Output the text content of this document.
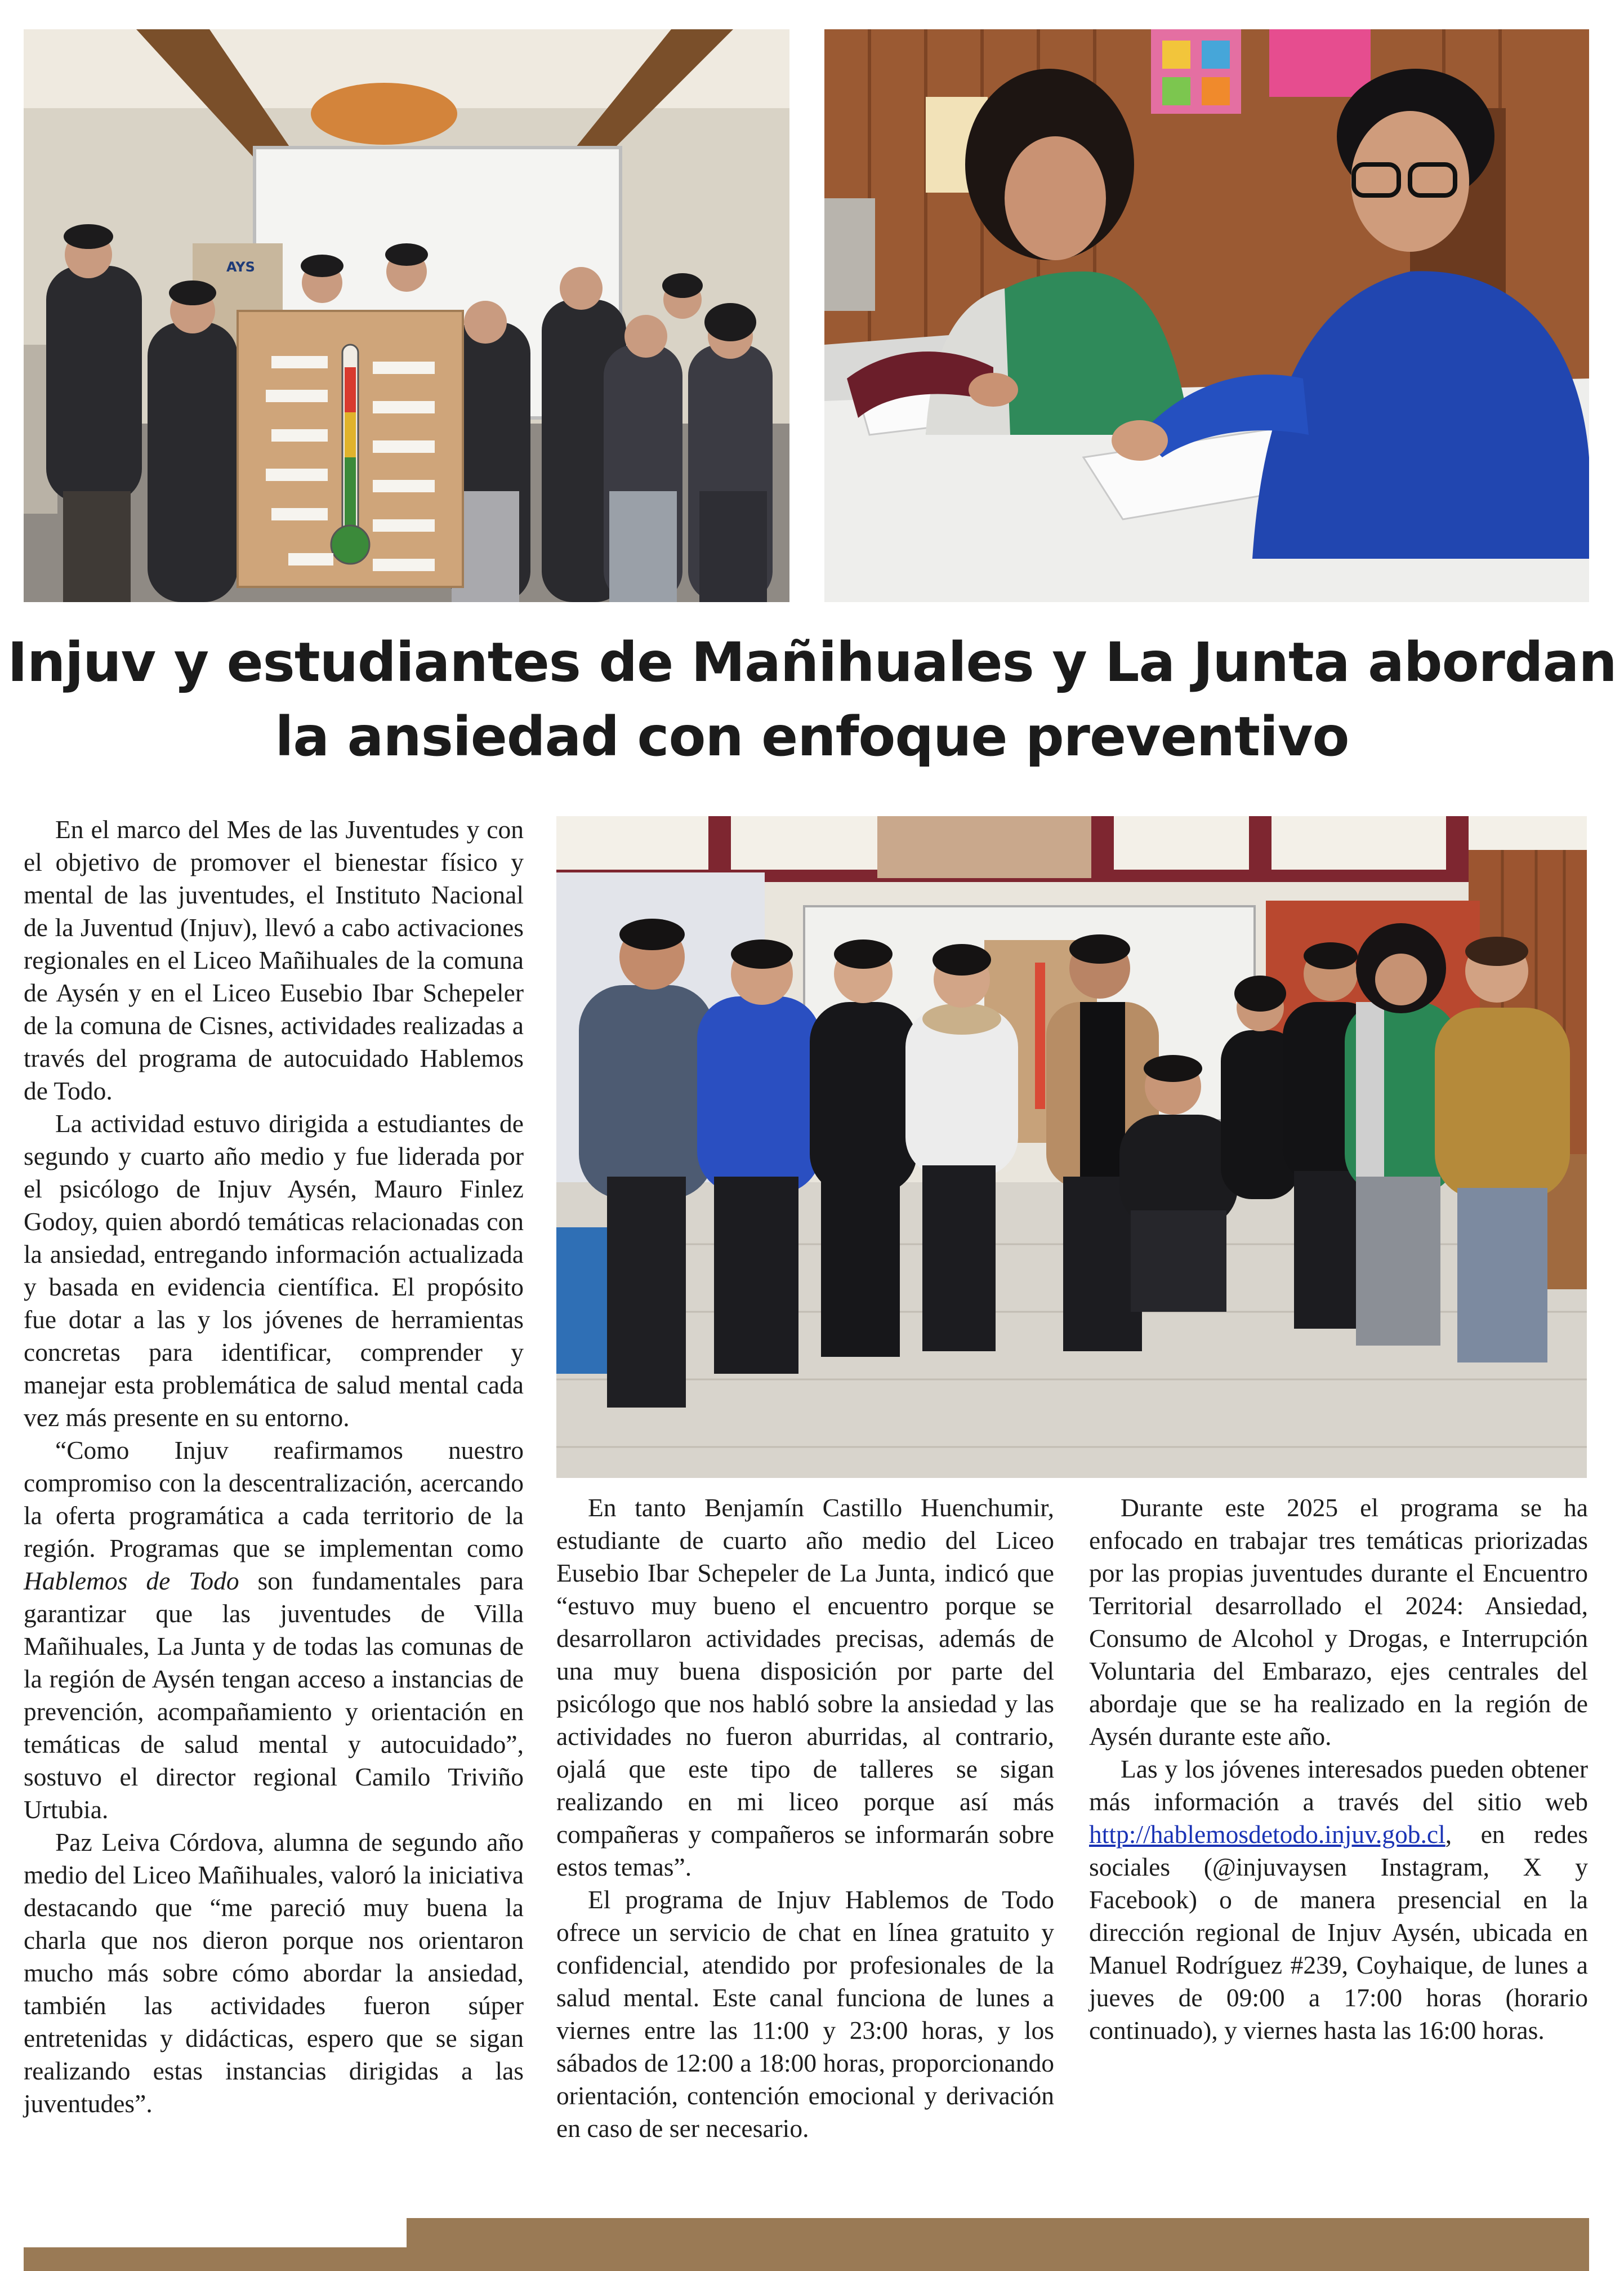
AYS
Injuv y estudiantes de Mañihuales y La Junta abordan
la ansiedad con enfoque preventivo

En el marco del Mes de las Juventudes y con el objetivo de promover el bienestar físico y mental de las juventudes, el Instituto Nacional de la Juventud (Injuv), llevó a cabo activaciones regionales en el Liceo Mañihuales de la comuna de Aysén y en el Liceo Eusebio Ibar Schepeler de la comuna de Cisnes, actividades realizadas a través del programa de autocuidado Hablemos de Todo.

La actividad estuvo dirigida a estudiantes de segundo y cuarto año medio y fue liderada por el psicólogo de Injuv Aysén, Mauro Finlez Godoy, quien abordó temáticas relacionadas con la ansiedad, entregando información actualizada y basada en evidencia científica. El propósito fue dotar a las y los jóvenes de herramientas concretas para identificar, comprender y manejar esta problemática de salud mental cada vez más presente en su entorno.

“Como Injuv reafirmamos nuestro compromiso con la descentralización, acercando la oferta programática a cada territorio de la región. Programas que se implementan como Hablemos de Todo son fundamentales para garantizar que las juventudes de Villa Mañihuales, La Junta y de todas las comunas de la región de Aysén tengan acceso a instancias de prevención, acompañamiento y orientación en temáticas de salud mental y autocuidado”, sostuvo el director regional Camilo Triviño Urtubia.

Paz Leiva Córdova, alumna de segundo año medio del Liceo Mañihuales, valoró la iniciativa destacando que “me pareció muy buena la charla que nos dieron porque nos orientaron mucho más sobre cómo abordar la ansiedad, también las actividades fueron súper entretenidas y didácticas, espero que se sigan realizando estas instancias dirigidas a las juventudes”.

En tanto Benjamín Castillo Huenchumir, estudiante de cuarto año medio del Liceo Eusebio Ibar Schepeler de La Junta, indicó que “estuvo muy bueno el encuentro porque se desarrollaron actividades precisas, además de una muy buena disposición por parte del psicólogo que nos habló sobre la ansiedad y las actividades no fueron aburridas, al contrario, ojalá que este tipo de talleres se sigan realizando en mi liceo porque así más compañeras y compañeros se informarán sobre estos temas”.

El programa de Injuv Hablemos de Todo ofrece un servicio de chat en línea gratuito y confidencial, atendido por profesionales de la salud mental. Este canal funciona de lunes a viernes entre las 11:00 y 23:00 horas, y los sábados de 12:00 a 18:00 horas, proporcionando orientación, contención emocional y derivación en caso de ser necesario.

Durante este 2025 el programa se ha enfocado en trabajar tres temáticas priorizadas por las propias juventudes durante el Encuentro Territorial desarrollado el 2024: Ansiedad, Consumo de Alcohol y Drogas, e Interrupción Voluntaria del Embarazo, ejes centrales del abordaje que se ha realizado en la región de Aysén durante este año.

Las y los jóvenes interesados pueden obtener más información a través del sitio web http://hablemosdetodo.injuv.gob.cl, en redes sociales (@injuvaysen Instagram, X y Facebook) o de manera presencial en la dirección regional de Injuv Aysén, ubicada en Manuel Rodríguez #239, Coyhaique, de lunes a jueves de 09:00 a 17:00 horas (horario continuado), y viernes hasta las 16:00 horas.
